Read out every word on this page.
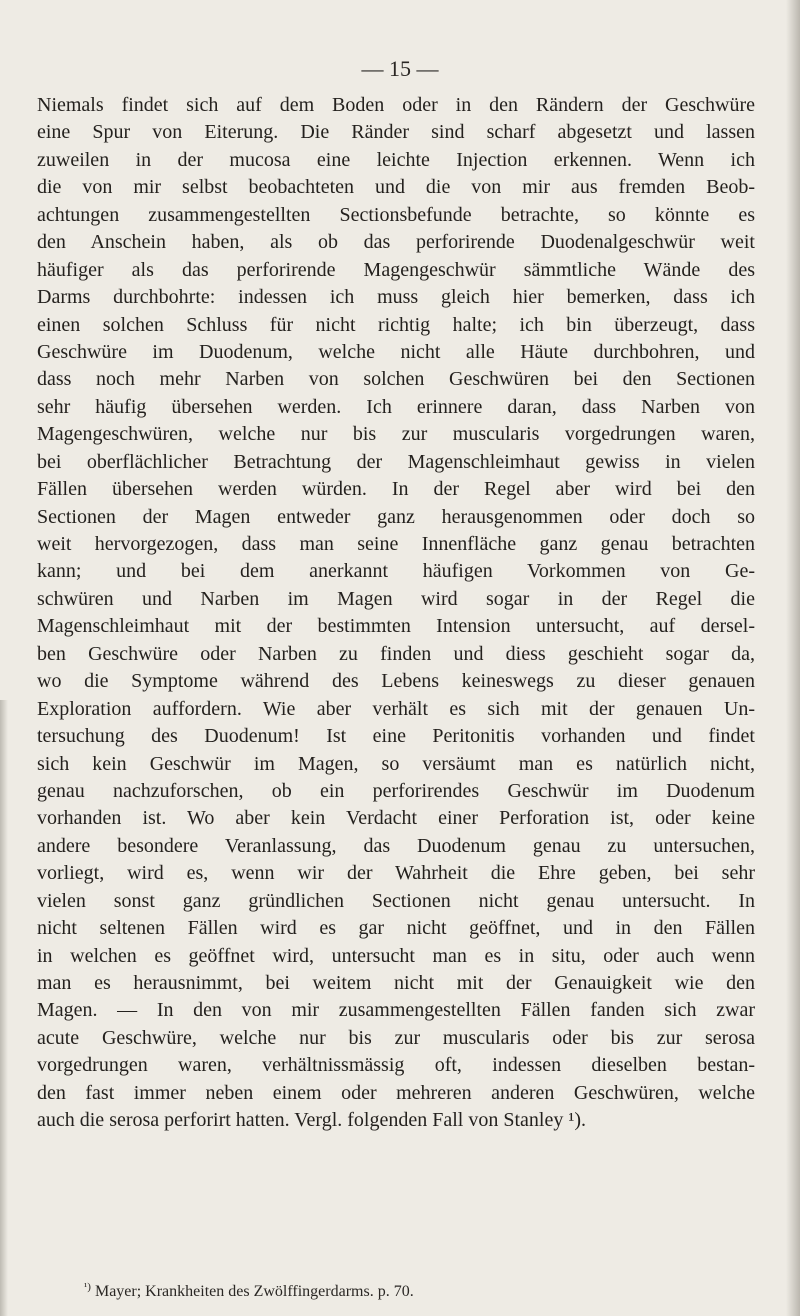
— 15 —
Niemals findet sich auf dem Boden oder in den Rändern der Geschwüre
eine Spur von Eiterung. Die Ränder sind scharf abgesetzt und lassen
zuweilen in der mucosa eine leichte Injection erkennen. Wenn ich
die von mir selbst beobachteten und die von mir aus fremden Beob-
achtungen zusammengestellten Sectionsbefunde betrachte, so könnte es
den Anschein haben, als ob das perforirende Duodenalgeschwür weit
häufiger als das perforirende Magengeschwür sämmtliche Wände des
Darms durchbohrte: indessen ich muss gleich hier bemerken, dass ich
einen solchen Schluss für nicht richtig halte; ich bin überzeugt, dass
Geschwüre im Duodenum, welche nicht alle Häute durchbohren, und
dass noch mehr Narben von solchen Geschwüren bei den Sectionen
sehr häufig übersehen werden. Ich erinnere daran, dass Narben von
Magengeschwüren, welche nur bis zur muscularis vorgedrungen waren,
bei oberflächlicher Betrachtung der Magenschleimhaut gewiss in vielen
Fällen übersehen werden würden. In der Regel aber wird bei den
Sectionen der Magen entweder ganz herausgenommen oder doch so
weit hervorgezogen, dass man seine Innenfläche ganz genau betrachten
kann; und bei dem anerkannt häufigen Vorkommen von Ge-
schwüren und Narben im Magen wird sogar in der Regel die
Magenschleimhaut mit der bestimmten Intension untersucht, auf dersel-
ben Geschwüre oder Narben zu finden und diess geschieht sogar da,
wo die Symptome während des Lebens keineswegs zu dieser genauen
Exploration auffordern. Wie aber verhält es sich mit der genauen Un-
tersuchung des Duodenum! Ist eine Peritonitis vorhanden und findet
sich kein Geschwür im Magen, so versäumt man es natürlich nicht,
genau nachzuforschen, ob ein perforirendes Geschwür im Duodenum
vorhanden ist. Wo aber kein Verdacht einer Perforation ist, oder keine
andere besondere Veranlassung, das Duodenum genau zu untersuchen,
vorliegt, wird es, wenn wir der Wahrheit die Ehre geben, bei sehr
vielen sonst ganz gründlichen Sectionen nicht genau untersucht. In
nicht seltenen Fällen wird es gar nicht geöffnet, und in den Fällen
in welchen es geöffnet wird, untersucht man es in situ, oder auch wenn
man es herausnimmt, bei weitem nicht mit der Genauigkeit wie den
Magen. — In den von mir zusammengestellten Fällen fanden sich zwar
acute Geschwüre, welche nur bis zur muscularis oder bis zur serosa
vorgedrungen waren, verhältnissmässig oft, indessen dieselben bestan-
den fast immer neben einem oder mehreren anderen Geschwüren, welche
auch die serosa perforirt hatten. Vergl. folgenden Fall von Stanley ¹).
$^{^1)}$ Mayer; Krankheiten des Zwölffingerdarms. p. 70.
